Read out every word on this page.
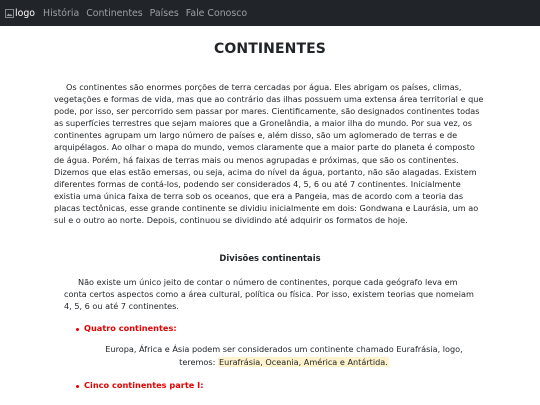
logo História Continentes Países Fale Conosco
CONTINENTES

Os continentes são enormes porções de terra cercadas por água. Eles abrigam os países, climas, vegetações e formas de vida, mas que ao contrário das ilhas possuem uma extensa área territorial e que pode, por isso, ser percorrido sem passar por mares. Cientificamente, são designados continentes todas as superfícies terrestres que sejam maiores que a Gronelândia, a maior ilha do mundo. Por sua vez, os continentes agrupam um largo número de países e, além disso, são um aglomerado de terras e de arquipélagos. Ao olhar o mapa do mundo, vemos claramente que a maior parte do planeta é composto de água. Porém, há faixas de terras mais ou menos agrupadas e próximas, que são os continentes. Dizemos que elas estão emersas, ou seja, acima do nível da água, portanto, não são alagadas. Existem diferentes formas de contá-los, podendo ser considerados 4, 5, 6 ou até 7 continentes. Inicialmente existia uma única faixa de terra sob os oceanos, que era a Pangeia, mas de acordo com a teoria das placas tectônicas, esse grande continente se dividiu inicialmente em dois: Gondwana e Laurásia, um ao sul e o outro ao norte. Depois, continuou se dividindo até adquirir os formatos de hoje.

Divisões continentais

Não existe um único jeito de contar o número de continentes, porque cada geógrafo leva em conta certos aspectos como a área cultural, política ou física. Por isso, existem teorias que nomeiam 4, 5, 6 ou até 7 continentes.

Quatro continentes:

Europa, África e Ásia podem ser considerados um continente chamado Eurafrásia, logo, teremos: Eurafrásia, Oceania, América e Antártida.

Cinco continentes parte I:
